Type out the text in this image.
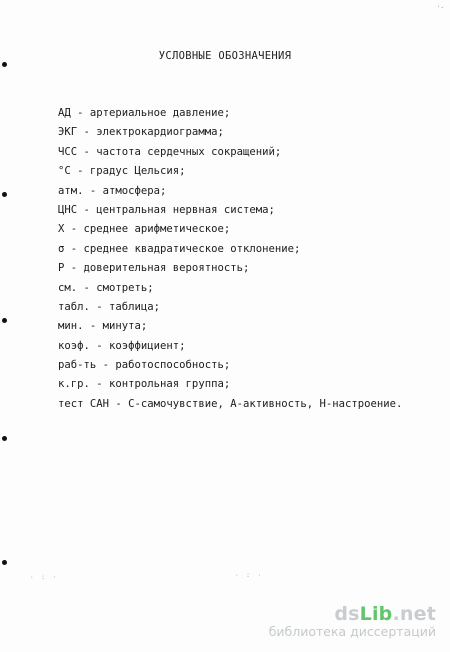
·.
· : ·	· : ·
УСЛОВНЫЕ ОБОЗНАЧЕНИЯ
АД - артериальное давление;
ЭКГ - электрокардиограмма;
ЧСС - частота сердечных сокращений;
°С - градус Цельсия;
атм. - атмосфера;
ЦНС - центральная нервная система;
X - среднее арифметическое;
σ - среднее квадратическое отклонение;
Р - доверительная вероятность;
см. - смотреть;
табл. - таблица;
мин. - минута;
коэф. - коэффициент;
раб-ть - работоспособность;
к.гр. - контрольная группа;
тест САН - С-самочувствие, А-активность, Н-настроение.
dsLib.net
библиотека диссертаций
